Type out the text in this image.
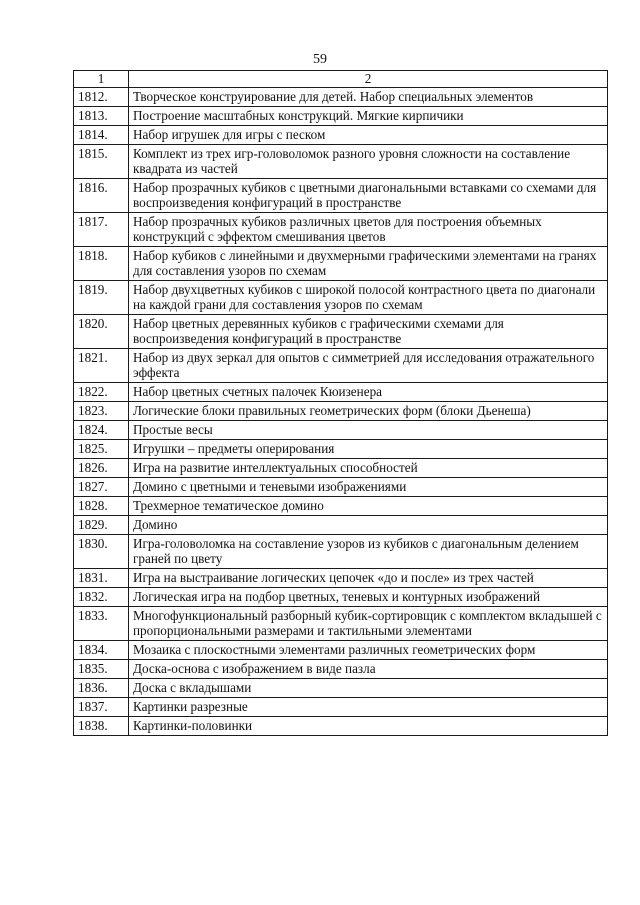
59
1	2
1812.	Творческое конструирование для детей. Набор специальных элементов
1813.	Построение масштабных конструкций. Мягкие кирпичики
1814.	Набор игрушек для игры с песком
1815.	Комплект из трех игр-головоломок разного уровня сложности на составление квадрата из частей
1816.	Набор прозрачных кубиков с цветными диагональными вставками со схемами для воспроизведения конфигураций в пространстве
1817.	Набор прозрачных кубиков различных цветов для построения объемных конструкций с эффектом смешивания цветов
1818.	Набор кубиков с линейными и двухмерными графическими элементами на гранях для составления узоров по схемам
1819.	Набор двухцветных кубиков с широкой полосой контрастного цвета по диагонали на каждой грани для составления узоров по схемам
1820.	Набор цветных деревянных кубиков с графическими схемами для воспроизведения конфигураций в пространстве
1821.	Набор из двух зеркал для опытов с симметрией для исследования отражательного эффекта
1822.	Набор цветных счетных палочек Кюизенера
1823.	Логические блоки правильных геометрических форм (блоки Дьенеша)
1824.	Простые весы
1825.	Игрушки – предметы оперирования
1826.	Игра на развитие интеллектуальных способностей
1827.	Домино с цветными и теневыми изображениями
1828.	Трехмерное тематическое домино
1829.	Домино
1830.	Игра-головоломка на составление узоров из кубиков с диагональным делением граней по цвету
1831.	Игра на выстраивание логических цепочек «до и после» из трех частей
1832.	Логическая игра на подбор цветных, теневых и контурных изображений
1833.	Многофункциональный разборный кубик-сортировщик с комплектом вкладышей с пропорциональными размерами и тактильными элементами
1834.	Мозаика с плоскостными элементами различных геометрических форм
1835.	Доска-основа с изображением в виде пазла
1836.	Доска с вкладышами
1837.	Картинки разрезные
1838.	Картинки-половинки
